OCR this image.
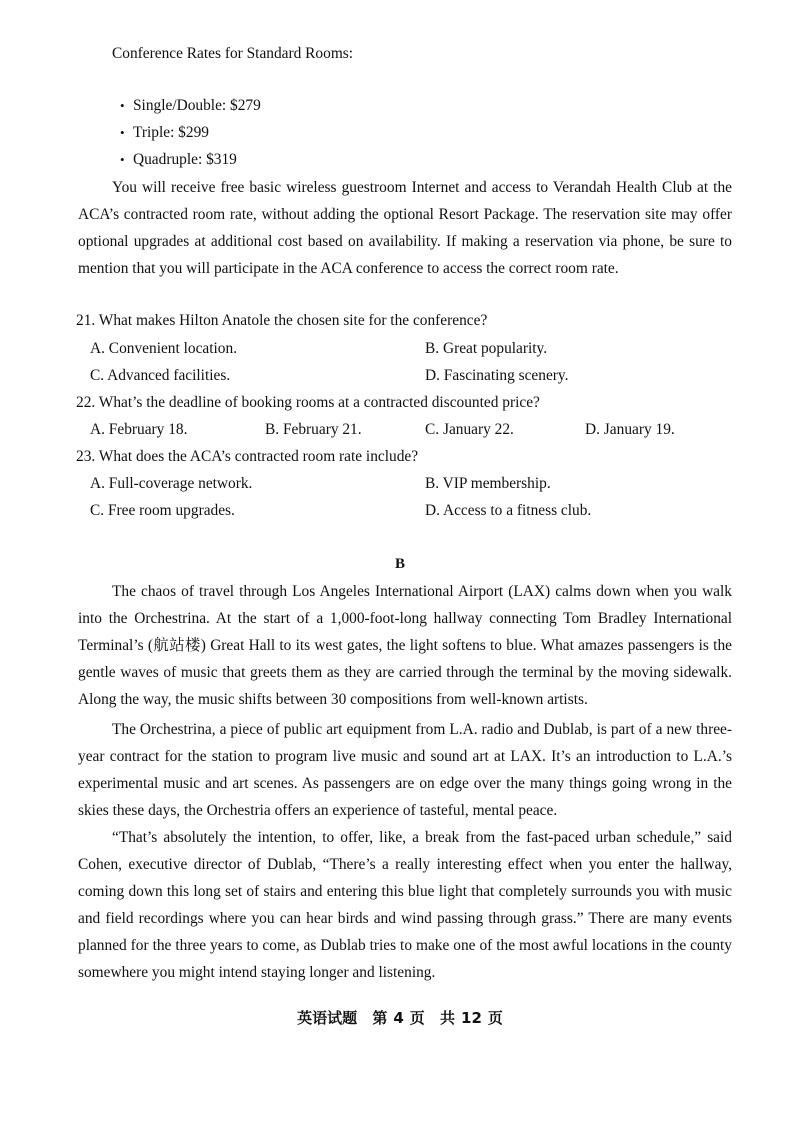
Conference Rates for Standard Rooms:
• Single/Double: $279
• Triple: $299
• Quadruple: $319

You will receive free basic wireless guestroom Internet and access to Verandah Health Club at the ACA’s contracted room rate, without adding the optional Resort Package. The reservation site may offer optional upgrades at additional cost based on availability. If making a reservation via phone, be sure to mention that you will participate in the ACA conference to access the correct room rate.

21. What makes Hilton Anatole the chosen site for the conference?
A. Convenient location.	B. Great popularity.
C. Advanced facilities.	D. Fascinating scenery.
22. What’s the deadline of booking rooms at a contracted discounted price?
A. February 18.	B. February 21.	C. January 22.	D. January 19.
23. What does the ACA’s contracted room rate include?
A. Full-coverage network.	B. VIP membership.
C. Free room upgrades.	D. Access to a fitness club.
B

The chaos of travel through Los Angeles International Airport (LAX) calms down when you walk into the Orchestrina. At the start of a 1,000-foot-long hallway connecting Tom Bradley International Terminal’s (航站楼) Great Hall to its west gates, the light softens to blue. What amazes passengers is the gentle waves of music that greets them as they are carried through the terminal by the moving sidewalk. Along the way, the music shifts between 30 compositions from well-known artists.

The Orchestrina, a piece of public art equipment from L.A. radio and Dublab, is part of a new three-year contract for the station to program live music and sound art at LAX. It’s an introduction to L.A.’s experimental music and art scenes. As passengers are on edge over the many things going wrong in the skies these days, the Orchestria offers an experience of tasteful, mental peace.

“That’s absolutely the intention, to offer, like, a break from the fast-paced urban schedule,” said Cohen, executive director of Dublab, “There’s a really interesting effect when you enter the hallway, coming down this long set of stairs and entering this blue light that completely surrounds you with music and field recordings where you can hear birds and wind passing through grass.” There are many events planned for the three years to come, as Dublab tries to make one of the most awful locations in the county somewhere you might intend staying longer and listening.

英语试题 第 4 页 共 12 页
